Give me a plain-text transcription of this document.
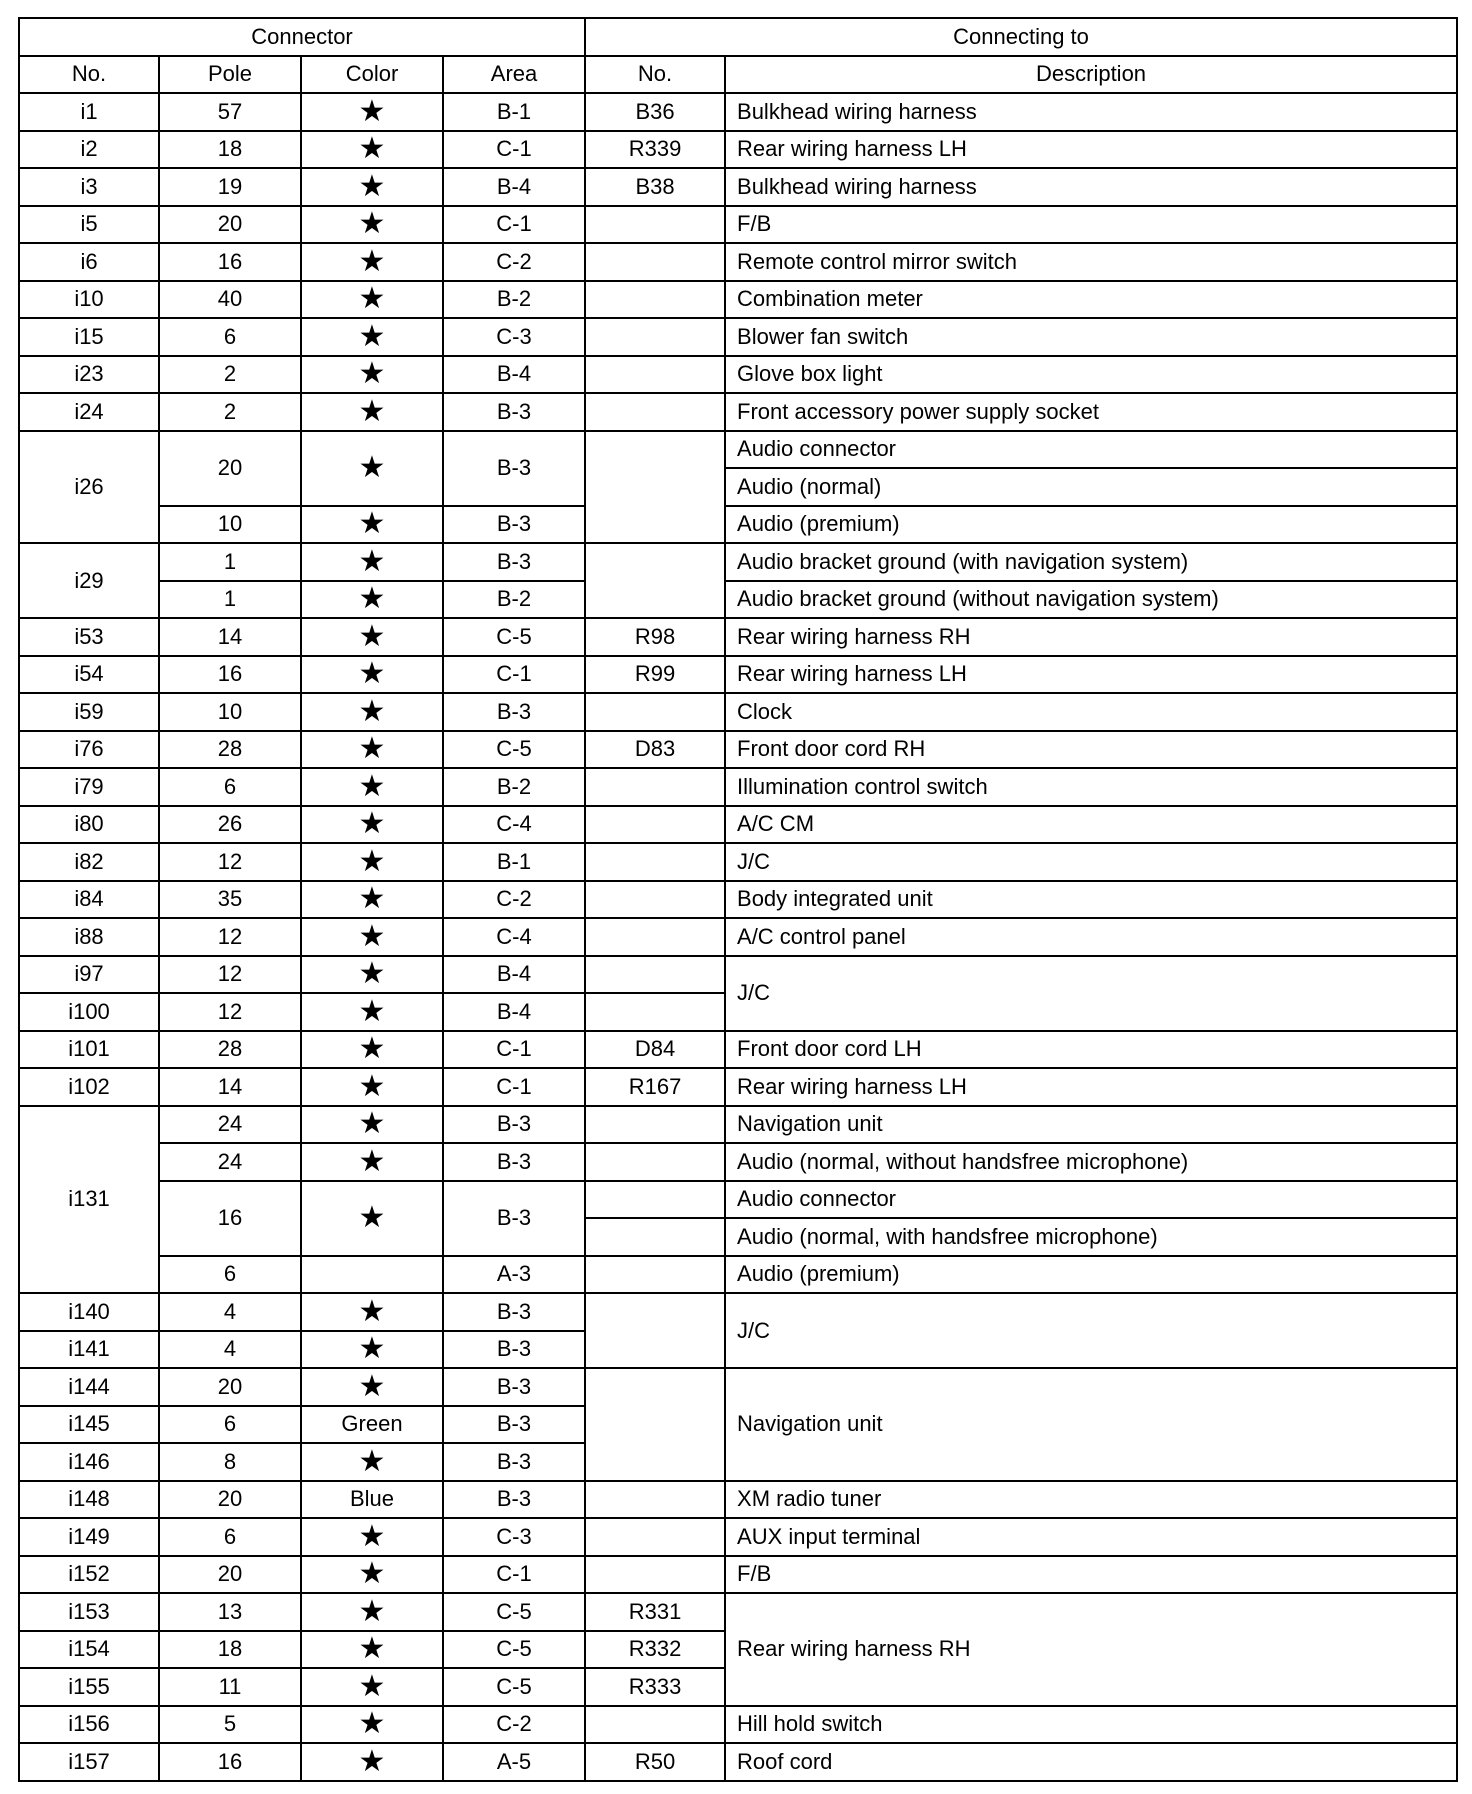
Connector				Connecting to	
No.	Pole	Color	Area	No.	Description
i1	57	★	B-1	B36	Bulkhead wiring harness
i2	18	★	C-1	R339	Rear wiring harness LH
i3	19	★	B-4	B38	Bulkhead wiring harness
i5	20	★	C-1		F/B
i6	16	★	C-2		Remote control mirror switch
i10	40	★	B-2		Combination meter
i15	6	★	C-3		Blower fan switch
i23	2	★	B-4		Glove box light
i24	2	★	B-3		Front accessory power supply socket
i26	20	★	B-3		Audio connector
					Audio (normal)
	10	★	B-3		Audio (premium)
i29	1	★	B-3		Audio bracket ground (with navigation system)
	1	★	B-2		Audio bracket ground (without navigation system)
i53	14	★	C-5	R98	Rear wiring harness RH
i54	16	★	C-1	R99	Rear wiring harness LH
i59	10	★	B-3		Clock
i76	28	★	C-5	D83	Front door cord RH
i79	6	★	B-2		Illumination control switch
i80	26	★	C-4		A/C CM
i82	12	★	B-1		J/C
i84	35	★	C-2		Body integrated unit
i88	12	★	C-4		A/C control panel
i97	12	★	B-4		J/C
i100	12	★	B-4		
i101	28	★	C-1	D84	Front door cord LH
i102	14	★	C-1	R167	Rear wiring harness LH
i131	24	★	B-3		Navigation unit
	24	★	B-3		Audio (normal, without handsfree microphone)
	16	★	B-3		Audio connector
					Audio (normal, with handsfree microphone)
	6		A-3		Audio (premium)
i140	4	★	B-3		J/C
i141	4	★	B-3		
i144	20	★	B-3		Navigation unit
i145	6	Green	B-3		
i146	8	★	B-3		
i148	20	Blue	B-3		XM radio tuner
i149	6	★	C-3		AUX input terminal
i152	20	★	C-1		F/B
i153	13	★	C-5	R331	Rear wiring harness RH
i154	18	★	C-5	R332	
i155	11	★	C-5	R333	
i156	5	★	C-2		Hill hold switch
i157	16	★	A-5	R50	Roof cord
